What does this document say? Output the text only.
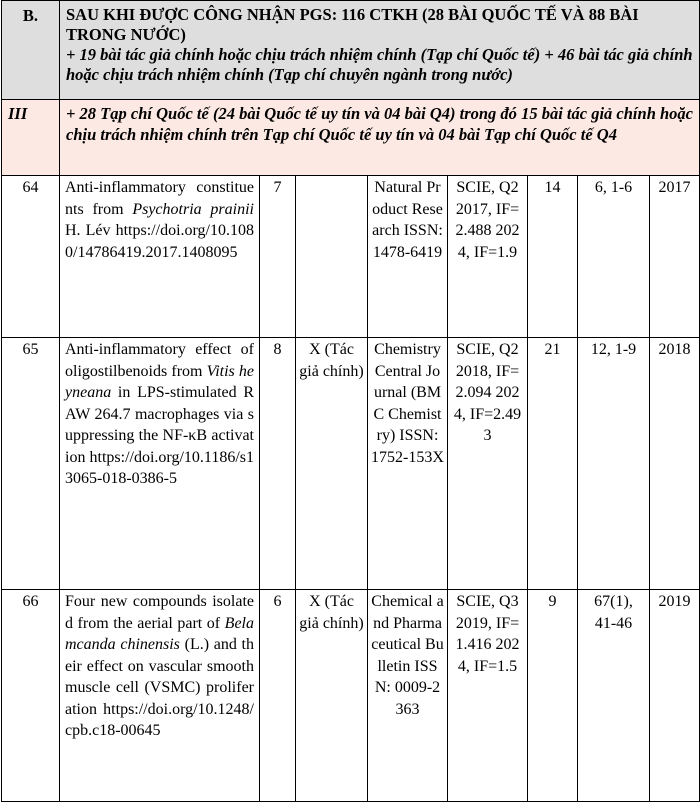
B.	SAU KHI ĐƯỢC CÔNG NHẬN PGS: 116 CTKH (28 BÀI QUỐC TẾ VÀ 88 BÀI TRONG NƯỚC)
+ 19 bài tác giả chính hoặc chịu trách nhiệm chính (Tạp chí Quốc tế) + 46 bài tác giả chính hoặc chịu trách nhiệm chính (Tạp chí chuyên ngành trong nước)							

III	+ 28 Tạp chí Quốc tế (24 bài Quốc tế uy tín và 04 bài Q4) trong đó 15 bài tác giả chính hoặc chịu trách nhiệm chính trên Tạp chí Quốc tế uy tín và 04 bài Tạp chí Quốc tế Q4							
64	Anti-inflammatory constituents from Psychotria prainii H. Lév https://doi.org/10.1080/14786419.2017.1408095	7		Natural Product Research ISSN: 1478-6419	SCIE, Q2 2017, IF=2.488 2024, IF=1.9	14	6, 1-6	2017
65	Anti-inflammatory effect of oligostilbenoids from Vitis heyneana in LPS-stimulated RAW 264.7 macrophages via suppressing the NF-κB activation https://doi.org/10.1186/s13065-018-0386-5	8	X (Tác giả chính)	Chemistry Central Journal (BMC Chemistry) ISSN: 1752-153X	SCIE, Q2 2018, IF=2.094 2024, IF=2.493	21	12, 1-9	2018
66	Four new compounds isolated from the aerial part of Belamcanda chinensis (L.) and their effect on vascular smooth muscle cell (VSMC) proliferation https://doi.org/10.1248/cpb.c18-00645	6	X (Tác giả chính)	Chemical and Pharmaceutical Bulletin ISSN: 0009-2363	SCIE, Q3 2019, IF=1.416 2024, IF=1.5	9	67(1), 41-46	2019
